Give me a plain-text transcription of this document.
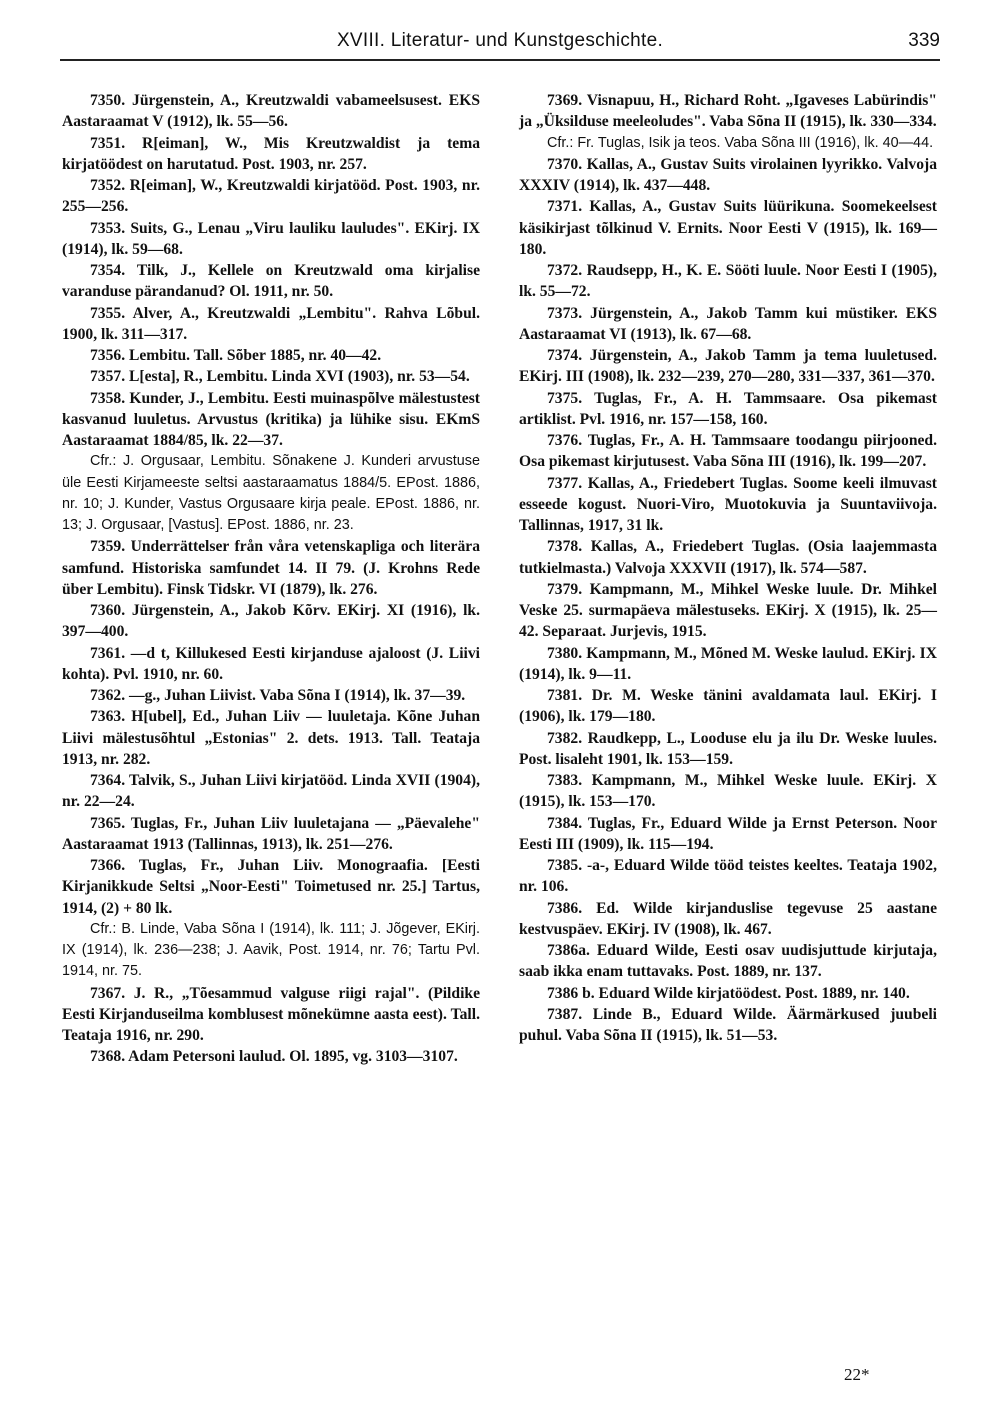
XVIII. Literatur- und Kunstgeschichte.	339

7350. Jürgenstein, A., Kreutzwaldi vabameelsusest. EKS Aastaraamat V (1912), lk. 55—56.

7351. R[eiman], W., Mis Kreutzwaldist ja tema kirjatöödest on harutatud. Post. 1903, nr. 257.

7352. R[eiman], W., Kreutzwaldi kirjatööd. Post. 1903, nr. 255—256.

7353. Suits, G., Lenau „Viru lauliku lauludes". EKirj. IX (1914), lk. 59—68.

7354. Tilk, J., Kellele on Kreutzwald oma kirjalise varanduse pärandanud? Ol. 1911, nr. 50.

7355. Alver, A., Kreutzwaldi „Lembitu". Rahva Lõbul. 1900, lk. 311—317.

7356. Lembitu. Tall. Sõber 1885, nr. 40—42.

7357. L[esta], R., Lembitu. Linda XVI (1903), nr. 53—54.

7358. Kunder, J., Lembitu. Eesti muinaspõlve mälestustest kasvanud luuletus. Arvustus (kritika) ja lühike sisu. EKmS Aastaraamat 1884/85, lk. 22—37.

Cfr.: J. Orgusaar, Lembitu. Sõnakene J. Kunderi arvustuse üle Eesti Kirjameeste seltsi aastaraamatus 1884/5. EPost. 1886, nr. 10; J. Kunder, Vastus Orgusaare kirja peale. EPost. 1886, nr. 13; J. Orgusaar, [Vastus]. EPost. 1886, nr. 23.

7359. Underrättelser från våra vetenskapliga och literära samfund. Historiska samfundet 14. II 79. (J. Krohns Rede über Lembitu). Finsk Tidskr. VI (1879), lk. 276.

7360. Jürgenstein, A., Jakob Kõrv. EKirj. XI (1916), lk. 397—400.

7361. —d t, Killukesed Eesti kirjanduse ajaloost (J. Liivi kohta). Pvl. 1910, nr. 60.

7362. —g., Juhan Liivist. Vaba Sõna I (1914), lk. 37—39.

7363. H[ubel], Ed., Juhan Liiv — luuletaja. Kõne Juhan Liivi mälestusõhtul „Estonias" 2. dets. 1913. Tall. Teataja 1913, nr. 282.

7364. Talvik, S., Juhan Liivi kirjatööd. Linda XVII (1904), nr. 22—24.

7365. Tuglas, Fr., Juhan Liiv luuletajana — „Päevalehe" Aastaraamat 1913 (Tallinnas, 1913), lk. 251—276.

7366. Tuglas, Fr., Juhan Liiv. Monograafia. [Eesti Kirjanikkude Seltsi „Noor-Eesti" Toimetused nr. 25.] Tartus, 1914, (2) + 80 lk.

Cfr.: B. Linde, Vaba Sõna I (1914), lk. 111; J. Jõgever, EKirj. IX (1914), lk. 236—238; J. Aavik, Post. 1914, nr. 76; Tartu Pvl. 1914, nr. 75.

7367. J. R., „Tõesammud valguse riigi rajal". (Pildike Eesti Kirjanduseilma komblusest mõnekümne aasta eest). Tall. Teataja 1916, nr. 290.

7368. Adam Petersoni laulud. Ol. 1895, vg. 3103—3107.

7369. Visnapuu, H., Richard Roht. „Igaveses Labürindis" ja „Üksilduse meeleoludes". Vaba Sõna II (1915), lk. 330—334.

Cfr.: Fr. Tuglas, Isik ja teos. Vaba Sõna III (1916), lk. 40—44.

7370. Kallas, A., Gustav Suits virolainen lyyrikko. Valvoja XXXIV (1914), lk. 437—448.

7371. Kallas, A., Gustav Suits lüürikuna. Soomekeelsest käsikirjast tõlkinud V. Ernits. Noor Eesti V (1915), lk. 169—180.

7372. Raudsepp, H., K. E. Sööti luule. Noor Eesti I (1905), lk. 55—72.

7373. Jürgenstein, A., Jakob Tamm kui müstiker. EKS Aastaraamat VI (1913), lk. 67—68.

7374. Jürgenstein, A., Jakob Tamm ja tema luuletused. EKirj. III (1908), lk. 232—239, 270—280, 331—337, 361—370.

7375. Tuglas, Fr., A. H. Tammsaare. Osa pikemast artiklist. Pvl. 1916, nr. 157—158, 160.

7376. Tuglas, Fr., A. H. Tammsaare toodangu piirjooned. Osa pikemast kirjutusest. Vaba Sõna III (1916), lk. 199—207.

7377. Kallas, A., Friedebert Tuglas. Soome keeli ilmuvast esseede kogust. Nuori-Viro, Muotokuvia ja Suuntaviivoja. Tallinnas, 1917, 31 lk.

7378. Kallas, A., Friedebert Tuglas. (Osia laajemmasta tutkielmasta.) Valvoja XXXVII (1917), lk. 574—587.

7379. Kampmann, M., Mihkel Weske luule. Dr. Mihkel Veske 25. surmapäeva mälestuseks. EKirj. X (1915), lk. 25—42. Separaat. Jurjevis, 1915.

7380. Kampmann, M., Mõned M. Weske laulud. EKirj. IX (1914), lk. 9—11.

7381. Dr. M. Weske tänini avaldamata laul. EKirj. I (1906), lk. 179—180.

7382. Raudkepp, L., Looduse elu ja ilu Dr. Weske luules. Post. lisaleht 1901, lk. 153—159.

7383. Kampmann, M., Mihkel Weske luule. EKirj. X (1915), lk. 153—170.

7384. Tuglas, Fr., Eduard Wilde ja Ernst Peterson. Noor Eesti III (1909), lk. 115—194.

7385. -a-, Eduard Wilde tööd teistes keeltes. Teataja 1902, nr. 106.

7386. Ed. Wilde kirjanduslise tegevuse 25 aastane kestvuspäev. EKirj. IV (1908), lk. 467.

7386a. Eduard Wilde, Eesti osav uudisjuttude kirjutaja, saab ikka enam tuttavaks. Post. 1889, nr. 137.

7386 b. Eduard Wilde kirjatöödest. Post. 1889, nr. 140.

7387. Linde B., Eduard Wilde. Äärmärkused juubeli puhul. Vaba Sõna II (1915), lk. 51—53.

22*
